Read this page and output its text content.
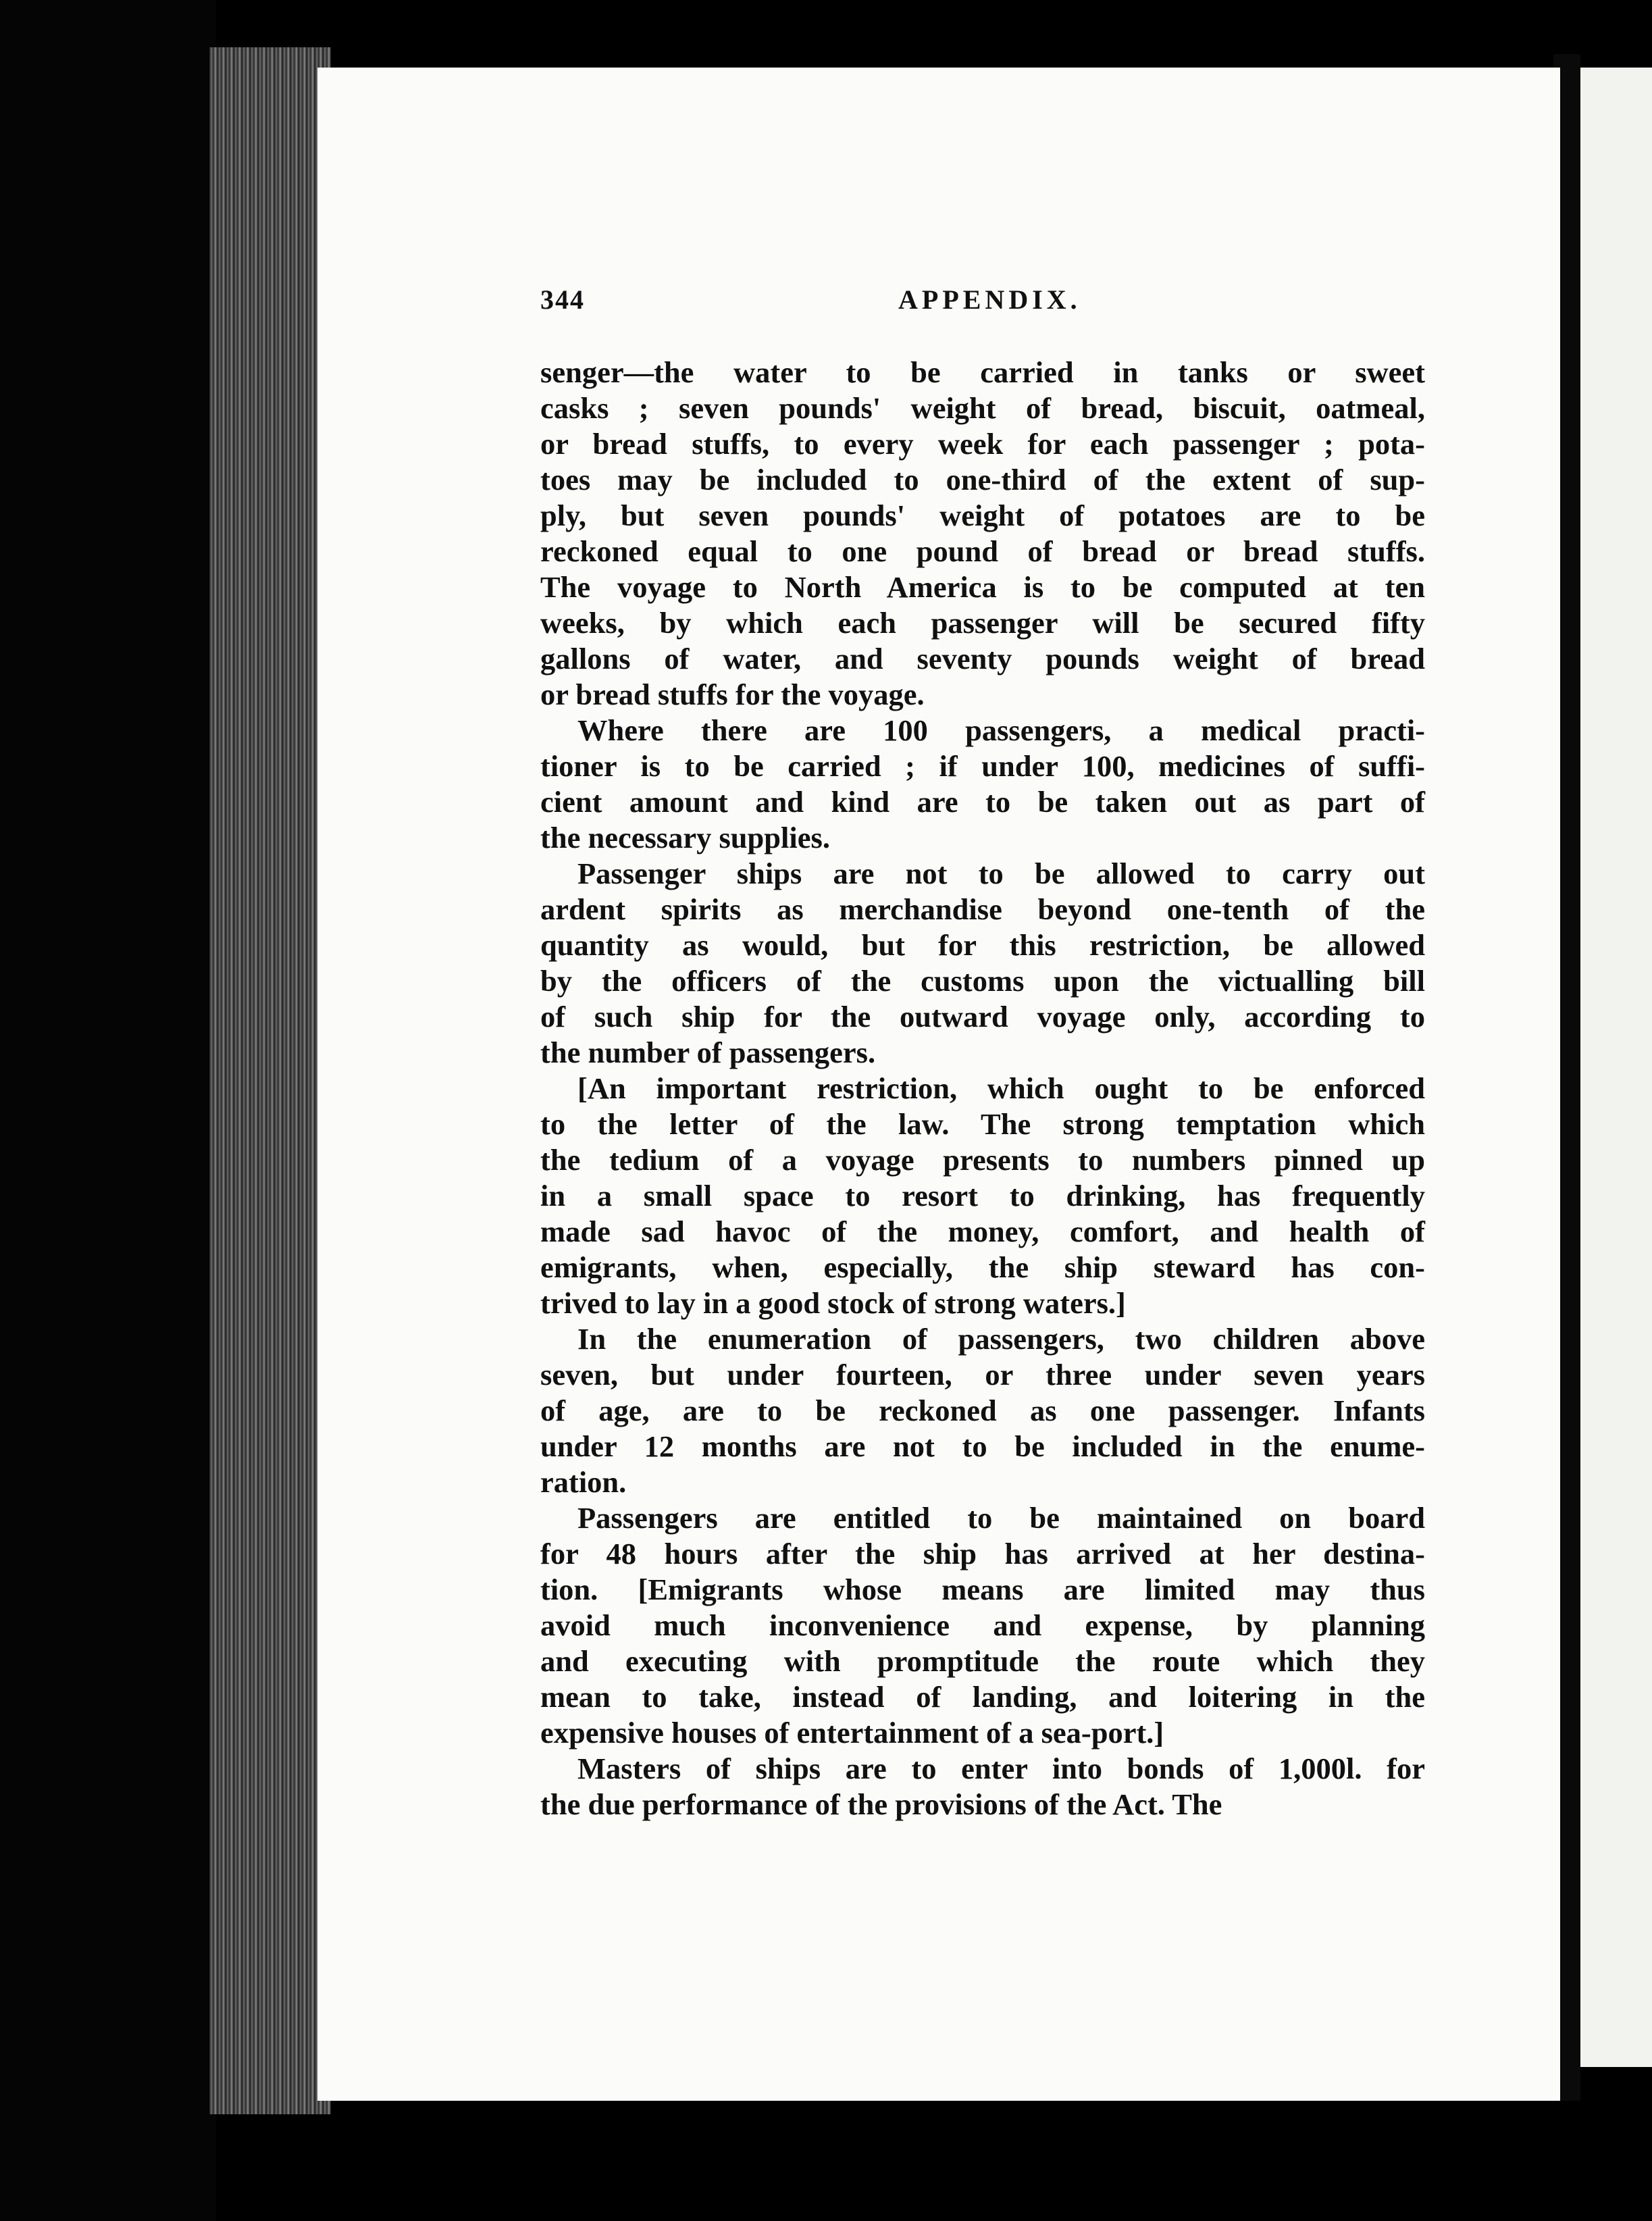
344	APPENDIX.

senger—the water to be carried in tanks or sweet
casks ; seven pounds' weight of bread, biscuit, oatmeal,
or bread stuffs, to every week for each passenger ; pota-
toes may be included to one-third of the extent of sup-
ply, but seven pounds' weight of potatoes are to be
reckoned equal to one pound of bread or bread stuffs.
The voyage to North America is to be computed at ten
weeks, by which each passenger will be secured fifty
gallons of water, and seventy pounds weight of bread
or bread stuffs for the voyage.

Where there are 100 passengers, a medical practi-
tioner is to be carried ; if under 100, medicines of suffi-
cient amount and kind are to be taken out as part of
the necessary supplies.

Passenger ships are not to be allowed to carry out
ardent spirits as merchandise beyond one-tenth of the
quantity as would, but for this restriction, be allowed
by the officers of the customs upon the victualling bill
of such ship for the outward voyage only, according to
the number of passengers.

[An important restriction, which ought to be enforced
to the letter of the law. The strong temptation which
the tedium of a voyage presents to numbers pinned up
in a small space to resort to drinking, has frequently
made sad havoc of the money, comfort, and health of
emigrants, when, especially, the ship steward has con-
trived to lay in a good stock of strong waters.]

In the enumeration of passengers, two children above
seven, but under fourteen, or three under seven years
of age, are to be reckoned as one passenger. Infants
under 12 months are not to be included in the enume-
ration.

Passengers are entitled to be maintained on board
for 48 hours after the ship has arrived at her destina-
tion. [Emigrants whose means are limited may thus
avoid much inconvenience and expense, by planning
and executing with promptitude the route which they
mean to take, instead of landing, and loitering in the
expensive houses of entertainment of a sea-port.]

Masters of ships are to enter into bonds of 1,000l. for
the due performance of the provisions of the Act. The
